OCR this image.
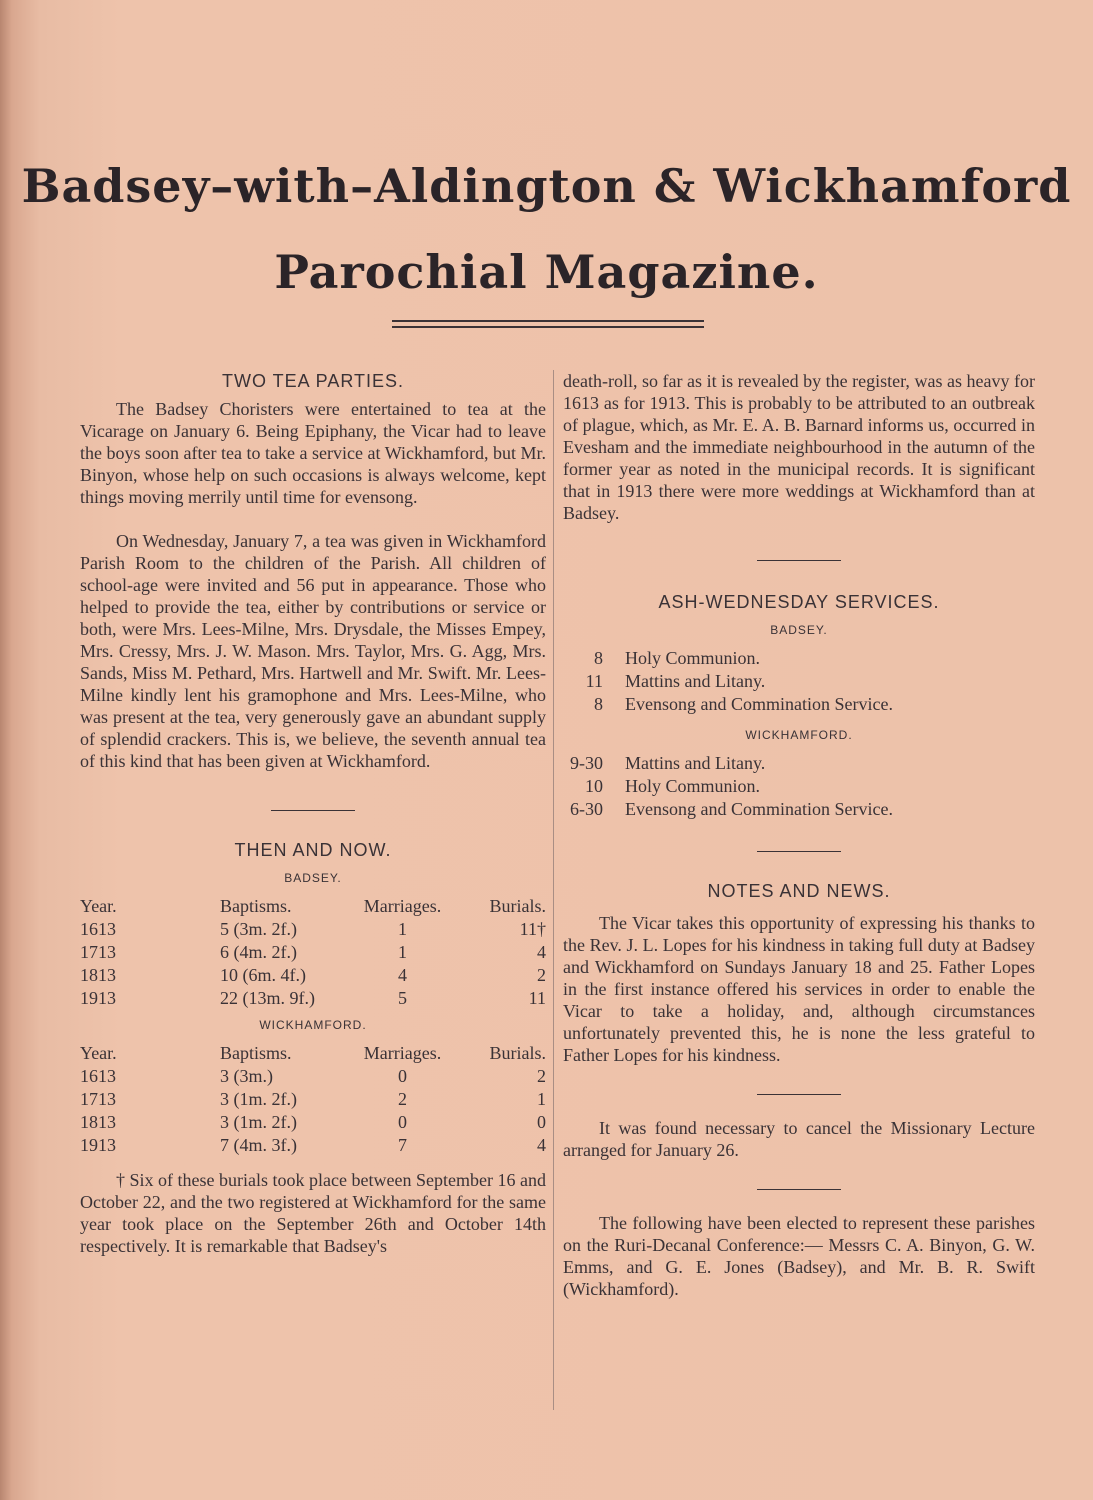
Badsey–with–Aldington & Wickhamford
Parochial Magazine.
TWO TEA PARTIES.

The Badsey Choristers were entertained to tea at the Vicarage on January 6. Being Epiphany, the Vicar had to leave the boys soon after tea to take a service at Wickhamford, but Mr. Binyon, whose help on such occasions is always welcome, kept things moving merrily until time for evensong.

On Wednesday, January 7, a tea was given in Wickhamford Parish Room to the children of the Parish. All children of school-age were invited and 56 put in appearance. Those who helped to provide the tea, either by contributions or service or both, were Mrs. Lees-Milne, Mrs. Drysdale, the Misses Empey, Mrs. Cressy, Mrs. J. W. Mason. Mrs. Taylor, Mrs. G. Agg, Mrs. Sands, Miss M. Pethard, Mrs. Hartwell and Mr. Swift. Mr. Lees-Milne kindly lent his gramophone and Mrs. Lees-Milne, who was present at the tea, very generously gave an abundant supply of splendid crackers. This is, we believe, the seventh annual tea of this kind that has been given at Wickhamford.

THEN AND NOW.
BADSEY.
Year.	Baptisms.	Marriages.	Burials.
1613	5 (3m. 2f.)	1	11†
1713	6 (4m. 2f.)	1	4
1813	10 (6m. 4f.)	4	2
1913	22 (13m. 9f.)	5	11
WICKHAMFORD.
Year.	Baptisms.	Marriages.	Burials.
1613	3 (3m.)	0	2
1713	3 (1m. 2f.)	2	1
1813	3 (1m. 2f.)	0	0
1913	7 (4m. 3f.)	7	4

† Six of these burials took place between September 16 and October 22, and the two registered at Wickhamford for the same year took place on the September 26th and October 14th respectively. It is remarkable that Badsey's

death-roll, so far as it is revealed by the register, was as heavy for 1613 as for 1913. This is probably to be attributed to an outbreak of plague, which, as Mr. E. A. B. Barnard informs us, occurred in Evesham and the immediate neighbourhood in the autumn of the former year as noted in the municipal records. It is significant that in 1913 there were more weddings at Wickhamford than at Badsey.

ASH-WEDNESDAY SERVICES.
BADSEY.
8	Holy Communion.
11	Mattins and Litany.
8	Evensong and Commination Service.
WICKHAMFORD.
9-30	Mattins and Litany.
10	Holy Communion.
6-30	Evensong and Commination Service.
NOTES AND NEWS.

The Vicar takes this opportunity of expressing his thanks to the Rev. J. L. Lopes for his kindness in taking full duty at Badsey and Wickhamford on Sundays January 18 and 25. Father Lopes in the first instance offered his services in order to enable the Vicar to take a holiday, and, although circumstances unfortunately prevented this, he is none the less grateful to Father Lopes for his kindness.

It was found necessary to cancel the Missionary Lecture arranged for January 26.

The following have been elected to represent these parishes on the Ruri-Decanal Conference:— Messrs C. A. Binyon, G. W. Emms, and G. E. Jones (Badsey), and Mr. B. R. Swift (Wickhamford).
